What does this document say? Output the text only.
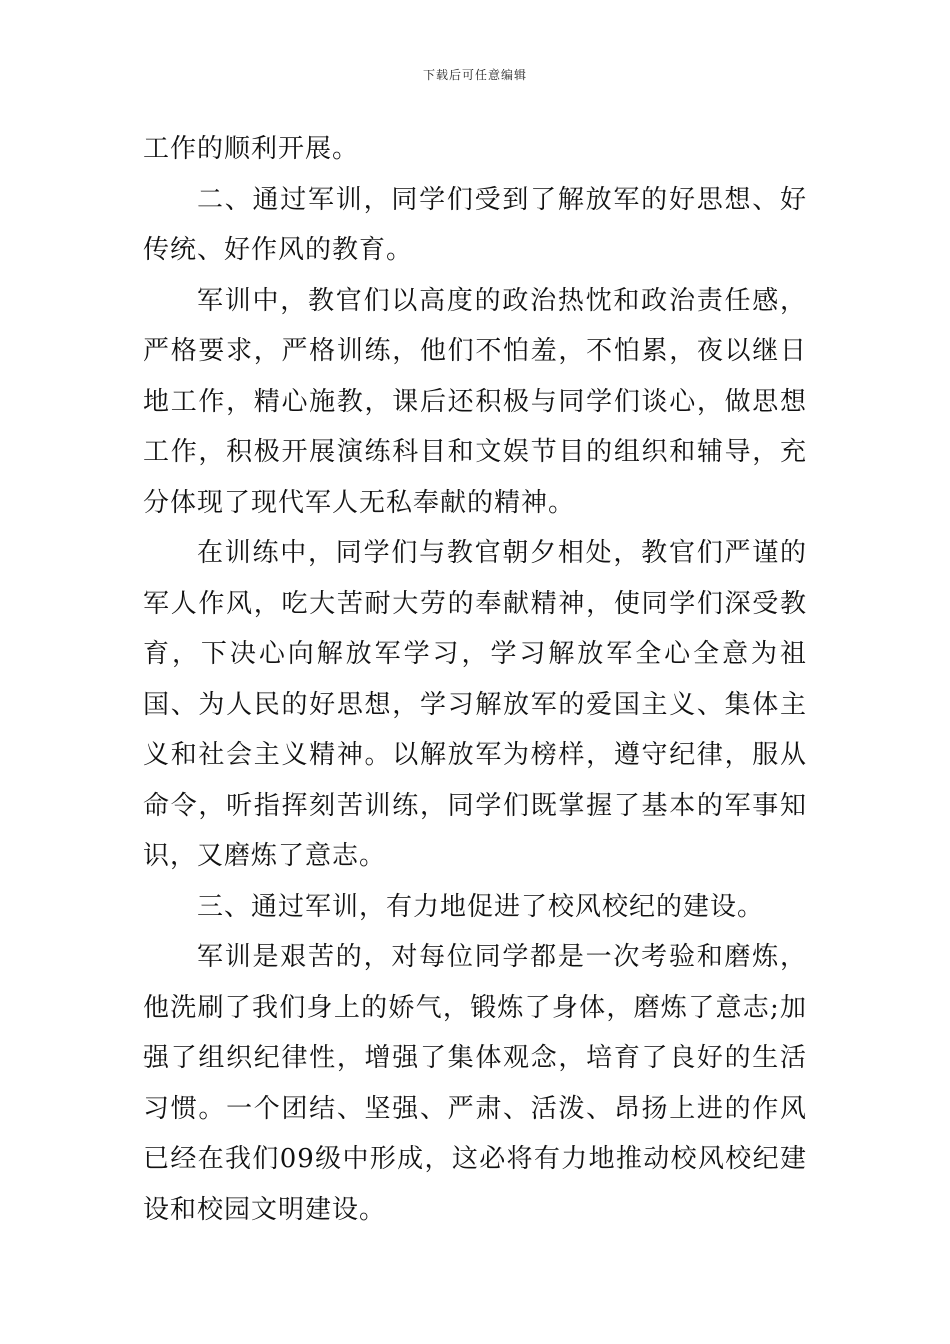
下载后可任意编辑

工作的顺利开展。

二、通过军训，同学们受到了解放军的好思想、好传统、好作风的教育。

军训中，教官们以高度的政治热忱和政治责任感，严格要求，严格训练，他们不怕羞，不怕累，夜以继日地工作，精心施教，课后还积极与同学们谈心，做思想工作，积极开展演练科目和文娱节目的组织和辅导，充分体现了现代军人无私奉献的精神。

在训练中，同学们与教官朝夕相处，教官们严谨的军人作风，吃大苦耐大劳的奉献精神，使同学们深受教育，下决心向解放军学习，学习解放军全心全意为祖国、为人民的好思想，学习解放军的爱国主义、集体主义和社会主义精神。以解放军为榜样，遵守纪律，服从命令，听指挥刻苦训练，同学们既掌握了基本的军事知识，又磨炼了意志。

三、通过军训，有力地促进了校风校纪的建设。

军训是艰苦的，对每位同学都是一次考验和磨炼，他洗刷了我们身上的娇气，锻炼了身体，磨炼了意志;加强了组织纪律性，增强了集体观念，培育了良好的生活习惯。一个团结、坚强、严肃、活泼、昂扬上进的作风已经在我们09级中形成，这必将有力地推动校风校纪建设和校园文明建设。
